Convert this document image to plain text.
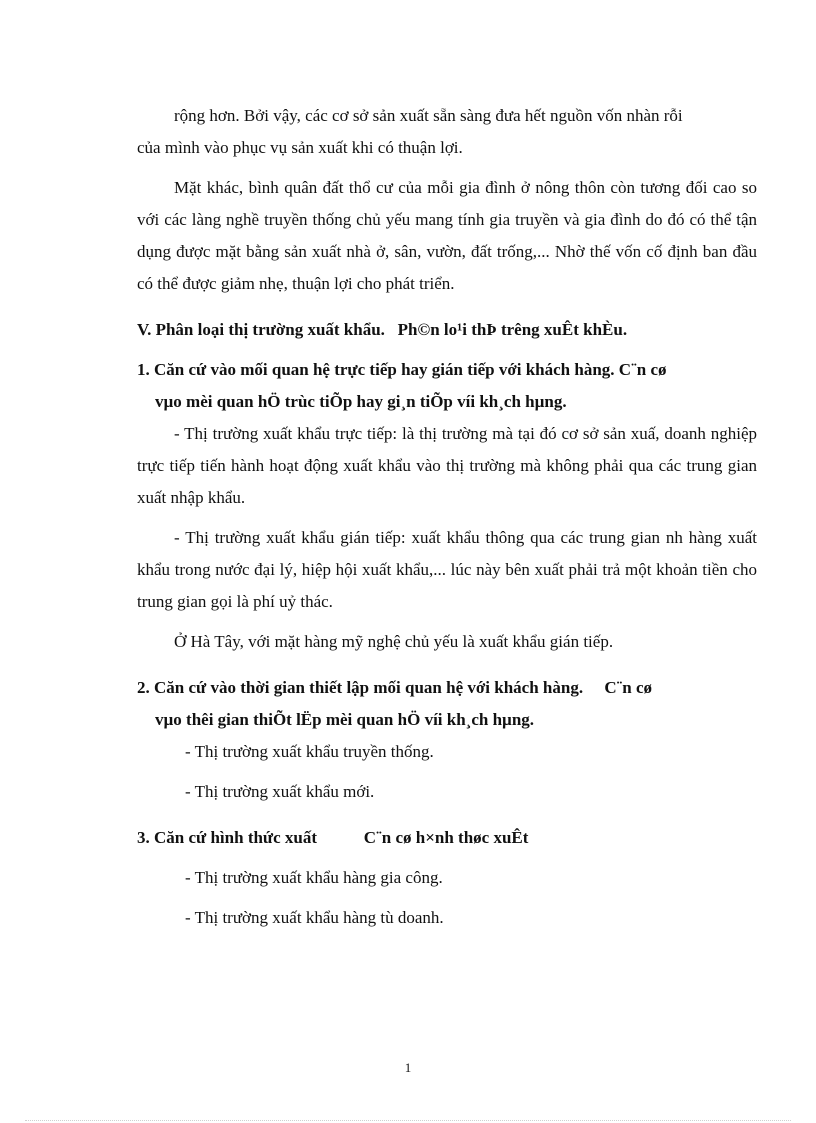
rộng hơn. Bởi vậy, các cơ sở sản xuất sẵn sàng đưa hết nguồn vốn nhàn rỗi

của mình vào phục vụ sản xuất khi có thuận lợi.

Mặt khác, bình quân đất thổ cư của mỗi gia đình ở nông thôn còn tương đối cao so với các làng nghề truyền thống chủ yếu mang tính gia truyền và gia đình do đó có thể tận dụng được mặt bằng sản xuất nhà ở, sân, vườn, đất trống,... Nhờ thế vốn cố định ban đầu có thể được giảm nhẹ, thuận lợi cho phát triển.

V. Phân loại thị trường xuất khẩu. Ph©n lo¹i thÞ trêng xuÊt khÈu.

1. Căn cứ vào mối quan hệ trực tiếp hay gián tiếp với khách hàng. C¨n cø
vµo mèi quan hÖ trùc tiÕp hay gi¸n tiÕp víi kh¸ch hµng.

- Thị trường xuất khẩu trực tiếp: là thị trường mà tại đó cơ sở sản xuấ, doanh nghiệp trực tiếp tiến hành hoạt động xuất khẩu vào thị trường mà không phải qua các trung gian xuất nhập khẩu.

- Thị trường xuất khẩu gián tiếp: xuất khẩu thông qua các trung gian nh hàng xuất khẩu trong nước đại lý, hiệp hội xuất khẩu,... lúc này bên xuất phải trả một khoản tiền cho trung gian gọi là phí uỷ thác.

Ở Hà Tây, với mặt hàng mỹ nghệ chủ yếu là xuất khẩu gián tiếp.

2. Căn cứ vào thời gian thiết lập mối quan hệ với khách hàng. C¨n cø
vµo thêi gian thiÕt lËp mèi quan hÖ víi kh¸ch hµng.

- Thị trường xuất khẩu truyền thống.

- Thị trường xuất khẩu mới.

3. Căn cứ hình thức xuất	C¨n cø h×nh thøc xuÊt

- Thị trường xuất khẩu hàng gia công.

- Thị trường xuất khẩu hàng tù doanh.

1
